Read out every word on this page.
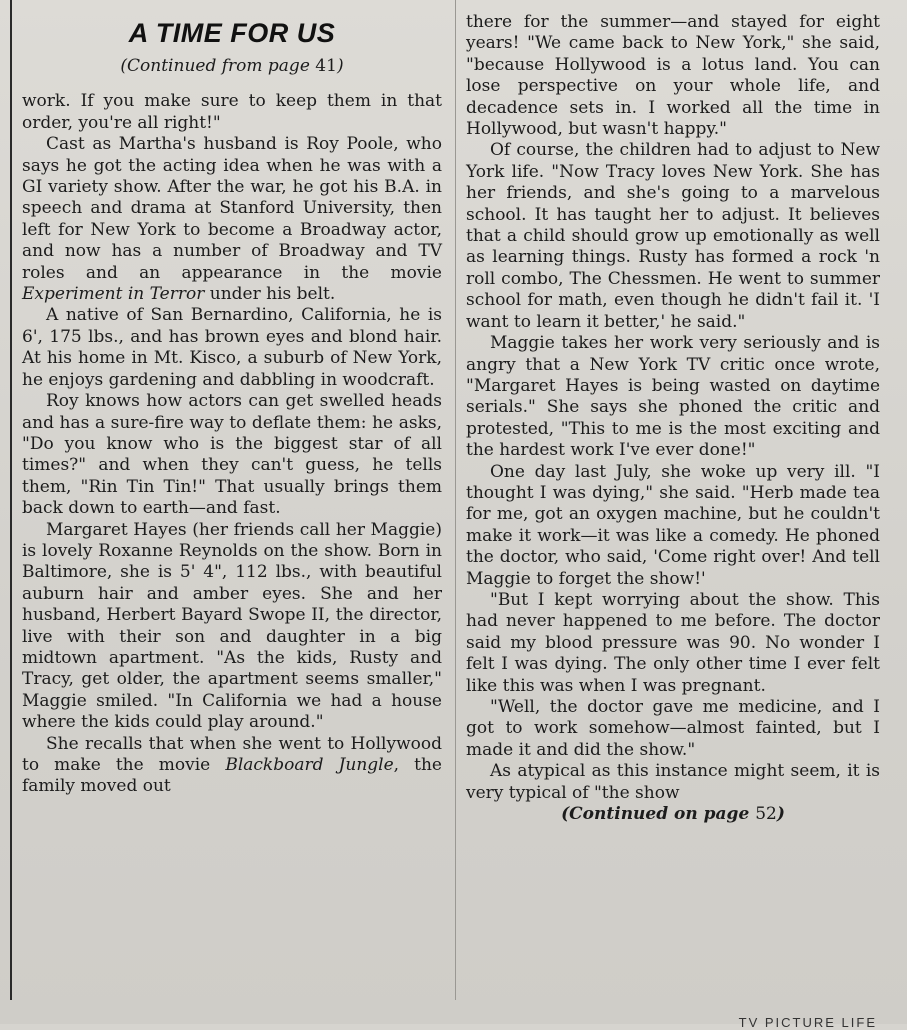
A TIME FOR US
(Continued from page 41)

work. If you make sure to keep them in that order, you're all right!"

Cast as Martha's husband is Roy Poole, who says he got the acting idea when he was with a GI variety show. After the war, he got his B.A. in speech and drama at Stanford University, then left for New York to become a Broadway actor, and now has a number of Broadway and TV roles and an appearance in the movie Experiment in Terror under his belt.

A native of San Bernardino, California, he is 6', 175 lbs., and has brown eyes and blond hair. At his home in Mt. Kisco, a suburb of New York, he enjoys gardening and dabbling in woodcraft.

Roy knows how actors can get swelled heads and has a sure-fire way to deflate them: he asks, "Do you know who is the biggest star of all times?" and when they can't guess, he tells them, "Rin Tin Tin!" That usually brings them back down to earth—and fast.

Margaret Hayes (her friends call her Maggie) is lovely Roxanne Reynolds on the show. Born in Baltimore, she is 5' 4", 112 lbs., with beautiful auburn hair and amber eyes. She and her husband, Herbert Bayard Swope II, the director, live with their son and daughter in a big midtown apartment. "As the kids, Rusty and Tracy, get older, the apartment seems smaller," Maggie smiled. "In California we had a house where the kids could play around."

She recalls that when she went to Hollywood to make the movie Blackboard Jungle, the family moved out

there for the summer—and stayed for eight years! "We came back to New York," she said, "because Hollywood is a lotus land. You can lose perspective on your whole life, and decadence sets in. I worked all the time in Hollywood, but wasn't happy."

Of course, the children had to adjust to New York life. "Now Tracy loves New York. She has her friends, and she's going to a marvelous school. It has taught her to adjust. It believes that a child should grow up emotionally as well as learning things. Rusty has formed a rock 'n roll combo, The Chessmen. He went to summer school for math, even though he didn't fail it. 'I want to learn it better,' he said."

Maggie takes her work very seriously and is angry that a New York TV critic once wrote, "Margaret Hayes is being wasted on daytime serials." She says she phoned the critic and protested, "This to me is the most exciting and the hardest work I've ever done!"

One day last July, she woke up very ill. "I thought I was dying," she said. "Herb made tea for me, got an oxygen machine, but he couldn't make it work—it was like a comedy. He phoned the doctor, who said, 'Come right over! And tell Maggie to forget the show!'

"But I kept worrying about the show. This had never happened to me before. The doctor said my blood pressure was 90. No wonder I felt I was dying. The only other time I ever felt like this was when I was pregnant.

"Well, the doctor gave me medicine, and I got to work somehow—almost fainted, but I made it and did the show."

As atypical as this instance might seem, it is very typical of "the show

(Continued on page 52)
TV PICTURE LIFE
